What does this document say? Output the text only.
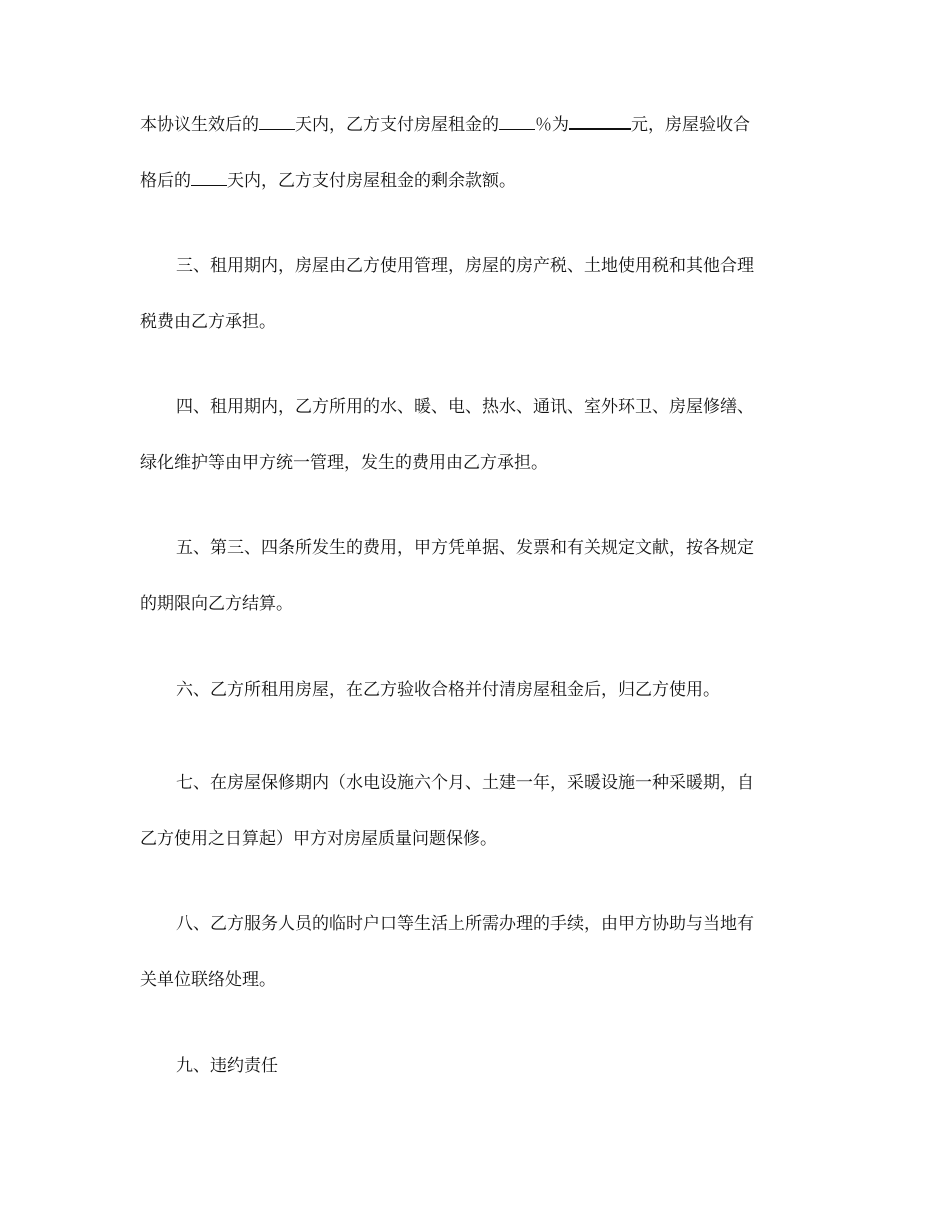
本协议生效后的 天内，乙方支付房屋租金的 ％为	元，房屋验收合
格后的 天内，乙方支付房屋租金的剩余款额。
三、租用期内，房屋由乙方使用管理，房屋的房产税、土地使用税和其他合理
税费由乙方承担。
四、租用期内，乙方所用的水、暖、电、热水、通讯、室外环卫、房屋修缮、
绿化维护等由甲方统一管理，发生的费用由乙方承担。
五、第三、四条所发生的费用，甲方凭单据、发票和有关规定文献，按各规定
的期限向乙方结算。
六、乙方所租用房屋，在乙方验收合格并付清房屋租金后，归乙方使用。
七、在房屋保修期内（水电设施六个月、土建一年，采暖设施一种采暖期，自
乙方使用之日算起）甲方对房屋质量问题保修。
八、乙方服务人员的临时户口等生活上所需办理的手续，由甲方协助与当地有
关单位联络处理。
九、违约责任
